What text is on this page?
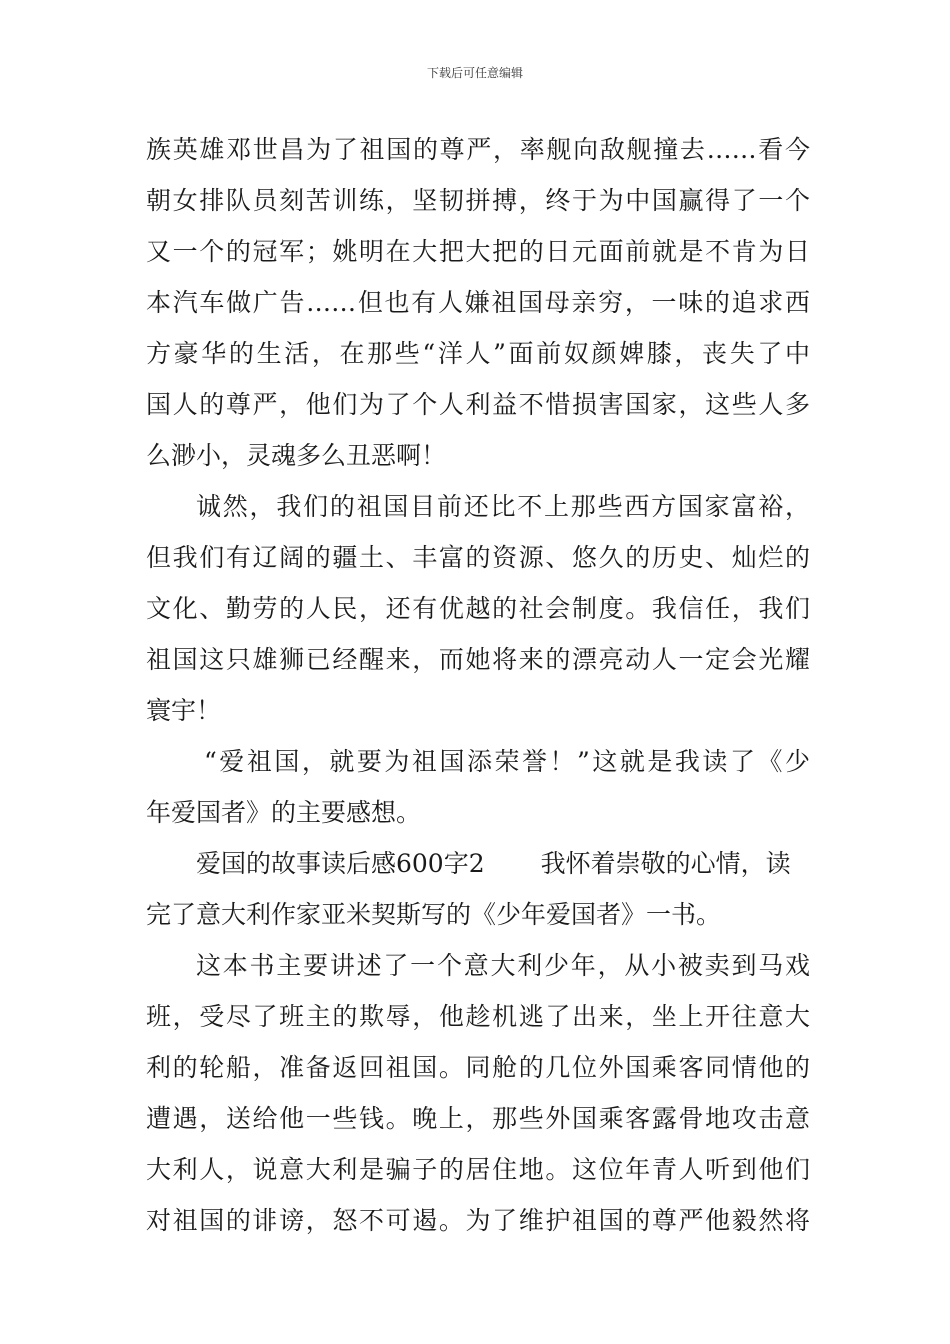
下载后可任意编辑
族英雄邓世昌为了祖国的尊严，率舰向敌舰撞去……看今
朝女排队员刻苦训练，坚韧拼搏，终于为中国赢得了一个
又一个的冠军；姚明在大把大把的日元面前就是不肯为日
本汽车做广告……但也有人嫌祖国母亲穷，一味的追求西
方豪华的生活，在那些“洋人”面前奴颜婢膝，丧失了中
国人的尊严，他们为了个人利益不惜损害国家，这些人多
么渺小，灵魂多么丑恶啊！
诚然，我们的祖国目前还比不上那些西方国家富裕，
但我们有辽阔的疆土、丰富的资源、悠久的历史、灿烂的
文化、勤劳的人民，还有优越的社会制度。我信任，我们
祖国这只雄狮已经醒来，而她将来的漂亮动人一定会光耀
寰宇！
“爱祖国，就要为祖国添荣誉！”这就是我读了《少
年爱国者》的主要感想。
爱国的故事读后感600字2 我怀着崇敬的心情，读
完了意大利作家亚米契斯写的《少年爱国者》一书。
这本书主要讲述了一个意大利少年，从小被卖到马戏
班，受尽了班主的欺辱，他趁机逃了出来，坐上开往意大
利的轮船，准备返回祖国。同舱的几位外国乘客同情他的
遭遇，送给他一些钱。晚上，那些外国乘客露骨地攻击意
大利人，说意大利是骗子的居住地。这位年青人听到他们
对祖国的诽谤，怒不可遏。为了维护祖国的尊严他毅然将
